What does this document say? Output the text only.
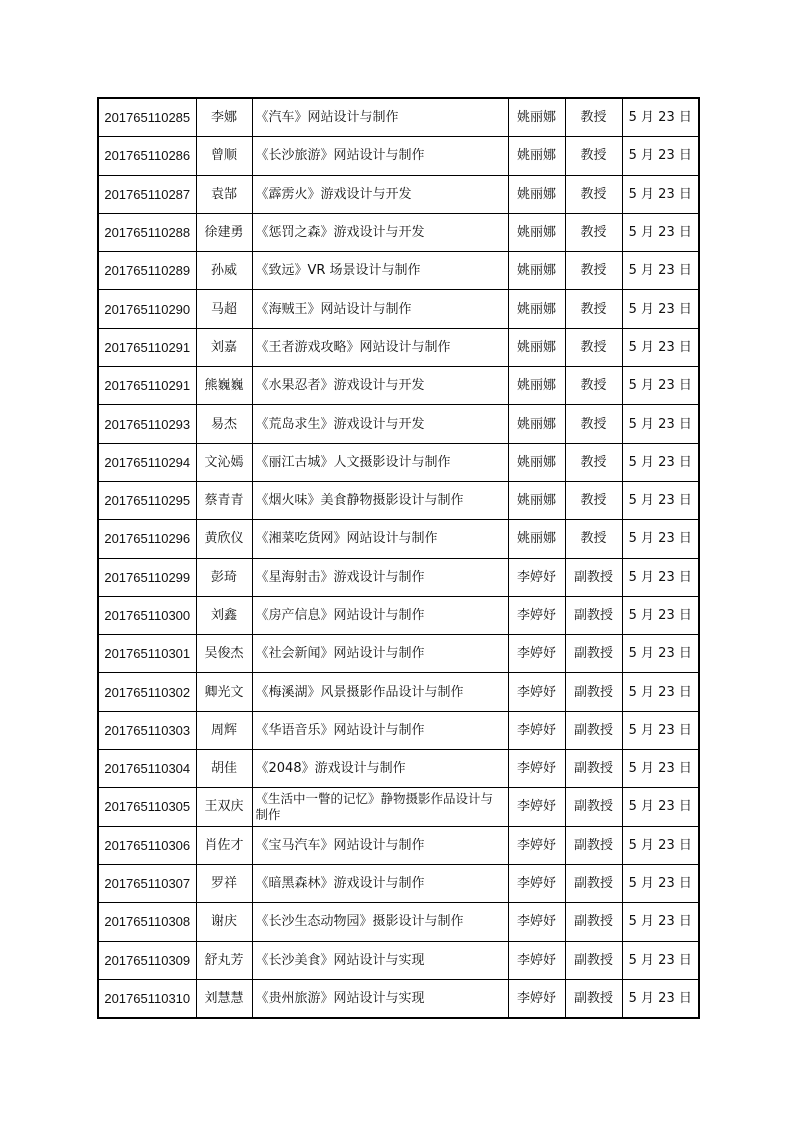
201765110285	李娜	《汽车》网站设计与制作	姚丽娜	教授	5 月 23 日
201765110286	曾顺	《长沙旅游》网站设计与制作	姚丽娜	教授	5 月 23 日
201765110287	袁郜	《霹雳火》游戏设计与开发	姚丽娜	教授	5 月 23 日
201765110288	徐建勇	《惩罚之森》游戏设计与开发	姚丽娜	教授	5 月 23 日
201765110289	孙威	《致远》VR 场景设计与制作	姚丽娜	教授	5 月 23 日
201765110290	马超	《海贼王》网站设计与制作	姚丽娜	教授	5 月 23 日
201765110291	刘嘉	《王者游戏攻略》网站设计与制作	姚丽娜	教授	5 月 23 日
201765110291	熊巍巍	《水果忍者》游戏设计与开发	姚丽娜	教授	5 月 23 日
201765110293	易杰	《荒岛求生》游戏设计与开发	姚丽娜	教授	5 月 23 日
201765110294	文沁嫣	《丽江古城》人文摄影设计与制作	姚丽娜	教授	5 月 23 日
201765110295	蔡青青	《烟火味》美食静物摄影设计与制作	姚丽娜	教授	5 月 23 日
201765110296	黄欣仪	《湘菜吃货网》网站设计与制作	姚丽娜	教授	5 月 23 日
201765110299	彭琦	《星海射击》游戏设计与制作	李婷妤	副教授	5 月 23 日
201765110300	刘鑫	《房产信息》网站设计与制作	李婷妤	副教授	5 月 23 日
201765110301	吴俊杰	《社会新闻》网站设计与制作	李婷妤	副教授	5 月 23 日
201765110302	卿光文	《梅溪湖》风景摄影作品设计与制作	李婷妤	副教授	5 月 23 日
201765110303	周辉	《华语音乐》网站设计与制作	李婷妤	副教授	5 月 23 日
201765110304	胡佳	《2048》游戏设计与制作	李婷妤	副教授	5 月 23 日
201765110305	王双庆	《生活中一瞥的记忆》静物摄影作品设计与制作	李婷妤	副教授	5 月 23 日
201765110306	肖佐才	《宝马汽车》网站设计与制作	李婷妤	副教授	5 月 23 日
201765110307	罗祥	《暗黑森林》游戏设计与制作	李婷妤	副教授	5 月 23 日
201765110308	谢庆	《长沙生态动物园》摄影设计与制作	李婷妤	副教授	5 月 23 日
201765110309	舒丸芳	《长沙美食》网站设计与实现	李婷妤	副教授	5 月 23 日
201765110310	刘慧慧	《贵州旅游》网站设计与实现	李婷妤	副教授	5 月 23 日
